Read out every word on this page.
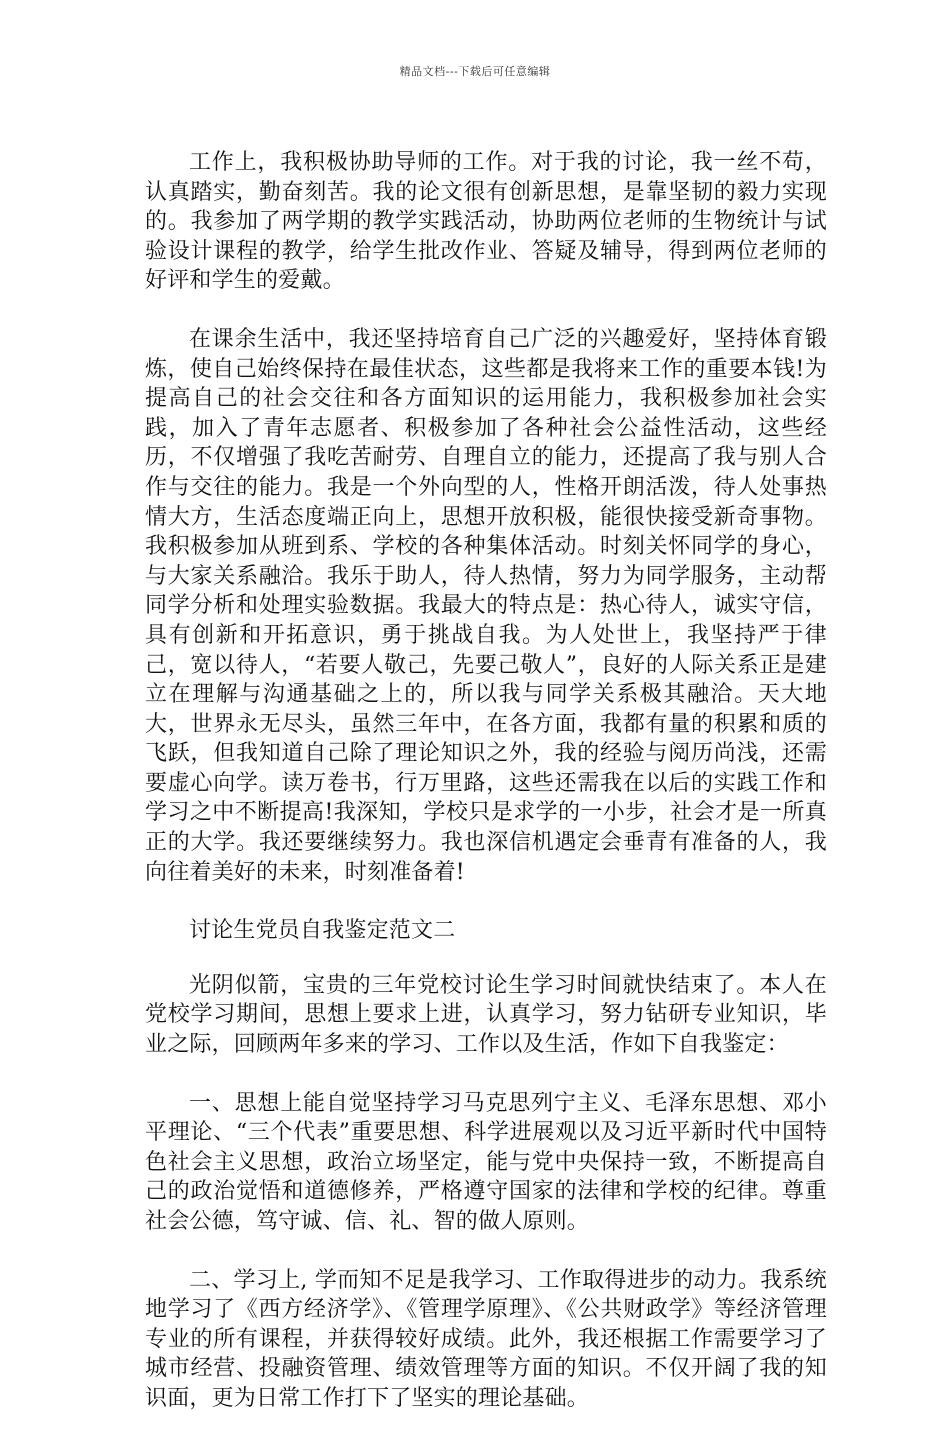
精品文档---下载后可任意编辑

工作上，我积极协助导师的工作。对于我的讨论，我一丝不苟，认真踏实，勤奋刻苦。我的论文很有创新思想，是靠坚韧的毅力实现的。我参加了两学期的教学实践活动，协助两位老师的生物统计与试验设计课程的教学，给学生批改作业、答疑及辅导，得到两位老师的好评和学生的爱戴。

在课余生活中，我还坚持培育自己广泛的兴趣爱好，坚持体育锻炼，使自己始终保持在最佳状态，这些都是我将来工作的重要本钱!为提高自己的社会交往和各方面知识的运用能力，我积极参加社会实践，加入了青年志愿者、积极参加了各种社会公益性活动，这些经历，不仅增强了我吃苦耐劳、自理自立的能力，还提高了我与别人合作与交往的能力。我是一个外向型的人，性格开朗活泼，待人处事热情大方，生活态度端正向上，思想开放积极，能很快接受新奇事物。我积极参加从班到系、学校的各种集体活动。时刻关怀同学的身心，与大家关系融洽。我乐于助人，待人热情，努力为同学服务，主动帮同学分析和处理实验数据。我最大的特点是：热心待人，诚实守信，具有创新和开拓意识，勇于挑战自我。为人处世上，我坚持严于律己，宽以待人，“若要人敬己，先要己敬人”，良好的人际关系正是建立在理解与沟通基础之上的，所以我与同学关系极其融洽。天大地大，世界永无尽头，虽然三年中，在各方面，我都有量的积累和质的飞跃，但我知道自己除了理论知识之外，我的经验与阅历尚浅，还需要虚心向学。读万卷书，行万里路，这些还需我在以后的实践工作和学习之中不断提高!我深知，学校只是求学的一小步，社会才是一所真正的大学。我还要继续努力。我也深信机遇定会垂青有准备的人，我向往着美好的未来，时刻准备着!

讨论生党员自我鉴定范文二

光阴似箭，宝贵的三年党校讨论生学习时间就快结束了。本人在党校学习期间，思想上要求上进，认真学习，努力钻研专业知识，毕业之际，回顾两年多来的学习、工作以及生活，作如下自我鉴定：

一、思想上能自觉坚持学习马克思列宁主义、毛泽东思想、邓小平理论、“三个代表”重要思想、科学进展观以及习近平新时代中国特色社会主义思想，政治立场坚定，能与党中央保持一致，不断提高自己的政治觉悟和道德修养，严格遵守国家的法律和学校的纪律。尊重社会公德，笃守诚、信、礼、智的做人原则。

二、学习上, 学而知不足是我学习、工作取得进步的动力。我系统地学习了《西方经济学》、《管理学原理》、《公共财政学》等经济管理专业的所有课程，并获得较好成绩。此外，我还根据工作需要学习了城市经营、投融资管理、绩效管理等方面的知识。不仅开阔了我的知识面，更为日常工作打下了坚实的理论基础。
